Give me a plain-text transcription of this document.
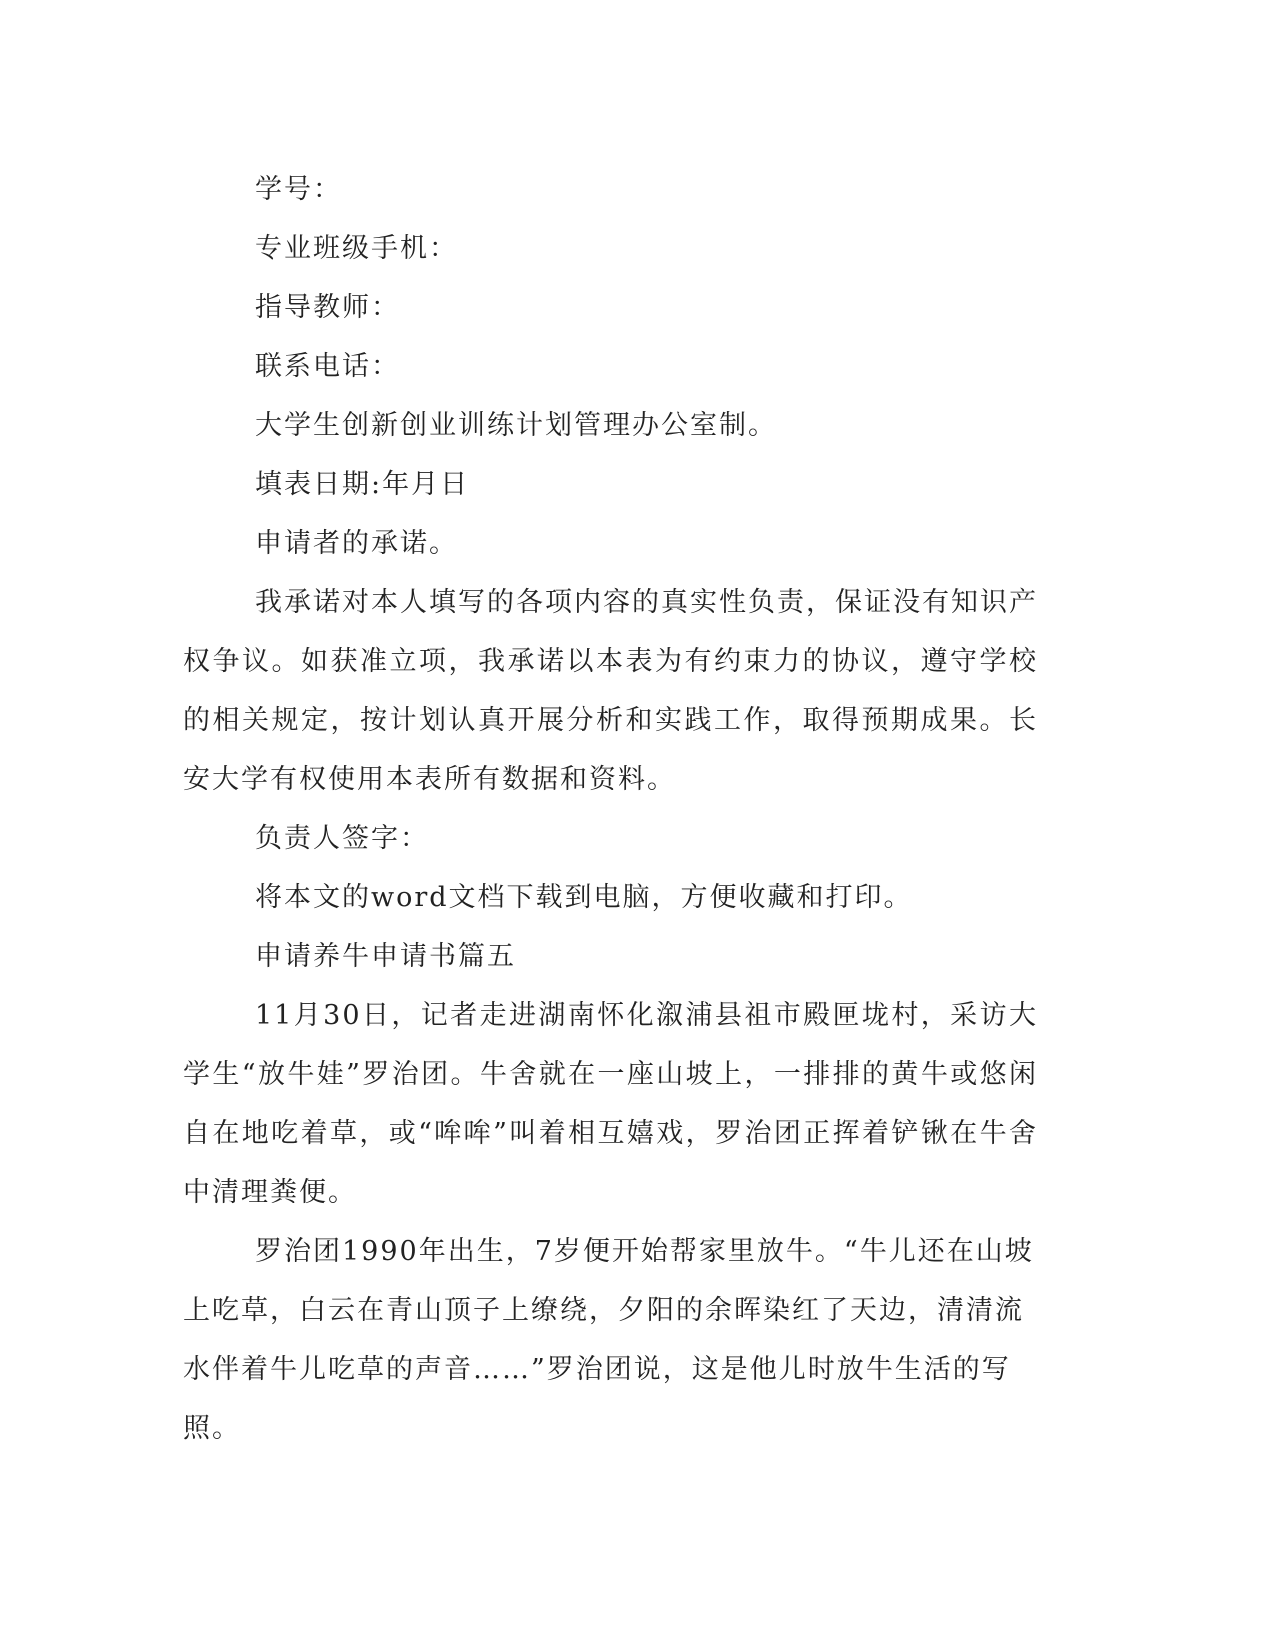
学号：

专业班级手机：

指导教师：

联系电话：

大学生创新创业训练计划管理办公室制。

填表日期:年月日

申请者的承诺。

我承诺对本人填写的各项内容的真实性负责，保证没有知识产权争议。如获准立项，我承诺以本表为有约束力的协议，遵守学校的相关规定，按计划认真开展分析和实践工作，取得预期成果。长安大学有权使用本表所有数据和资料。

负责人签字：

将本文的word文档下载到电脑，方便收藏和打印。

申请养牛申请书篇五

11月30日，记者走进湖南怀化溆浦县祖市殿匣垅村，采访大学生“放牛娃”罗治团。牛舍就在一座山坡上，一排排的黄牛或悠闲自在地吃着草，或“哞哞”叫着相互嬉戏，罗治团正挥着铲锹在牛舍中清理粪便。

罗治团1990年出生，7岁便开始帮家里放牛。“牛儿还在山坡上吃草，白云在青山顶子上缭绕，夕阳的余晖染红了天边，清清流水伴着牛儿吃草的声音……”罗治团说，这是他儿时放牛生活的写照。
